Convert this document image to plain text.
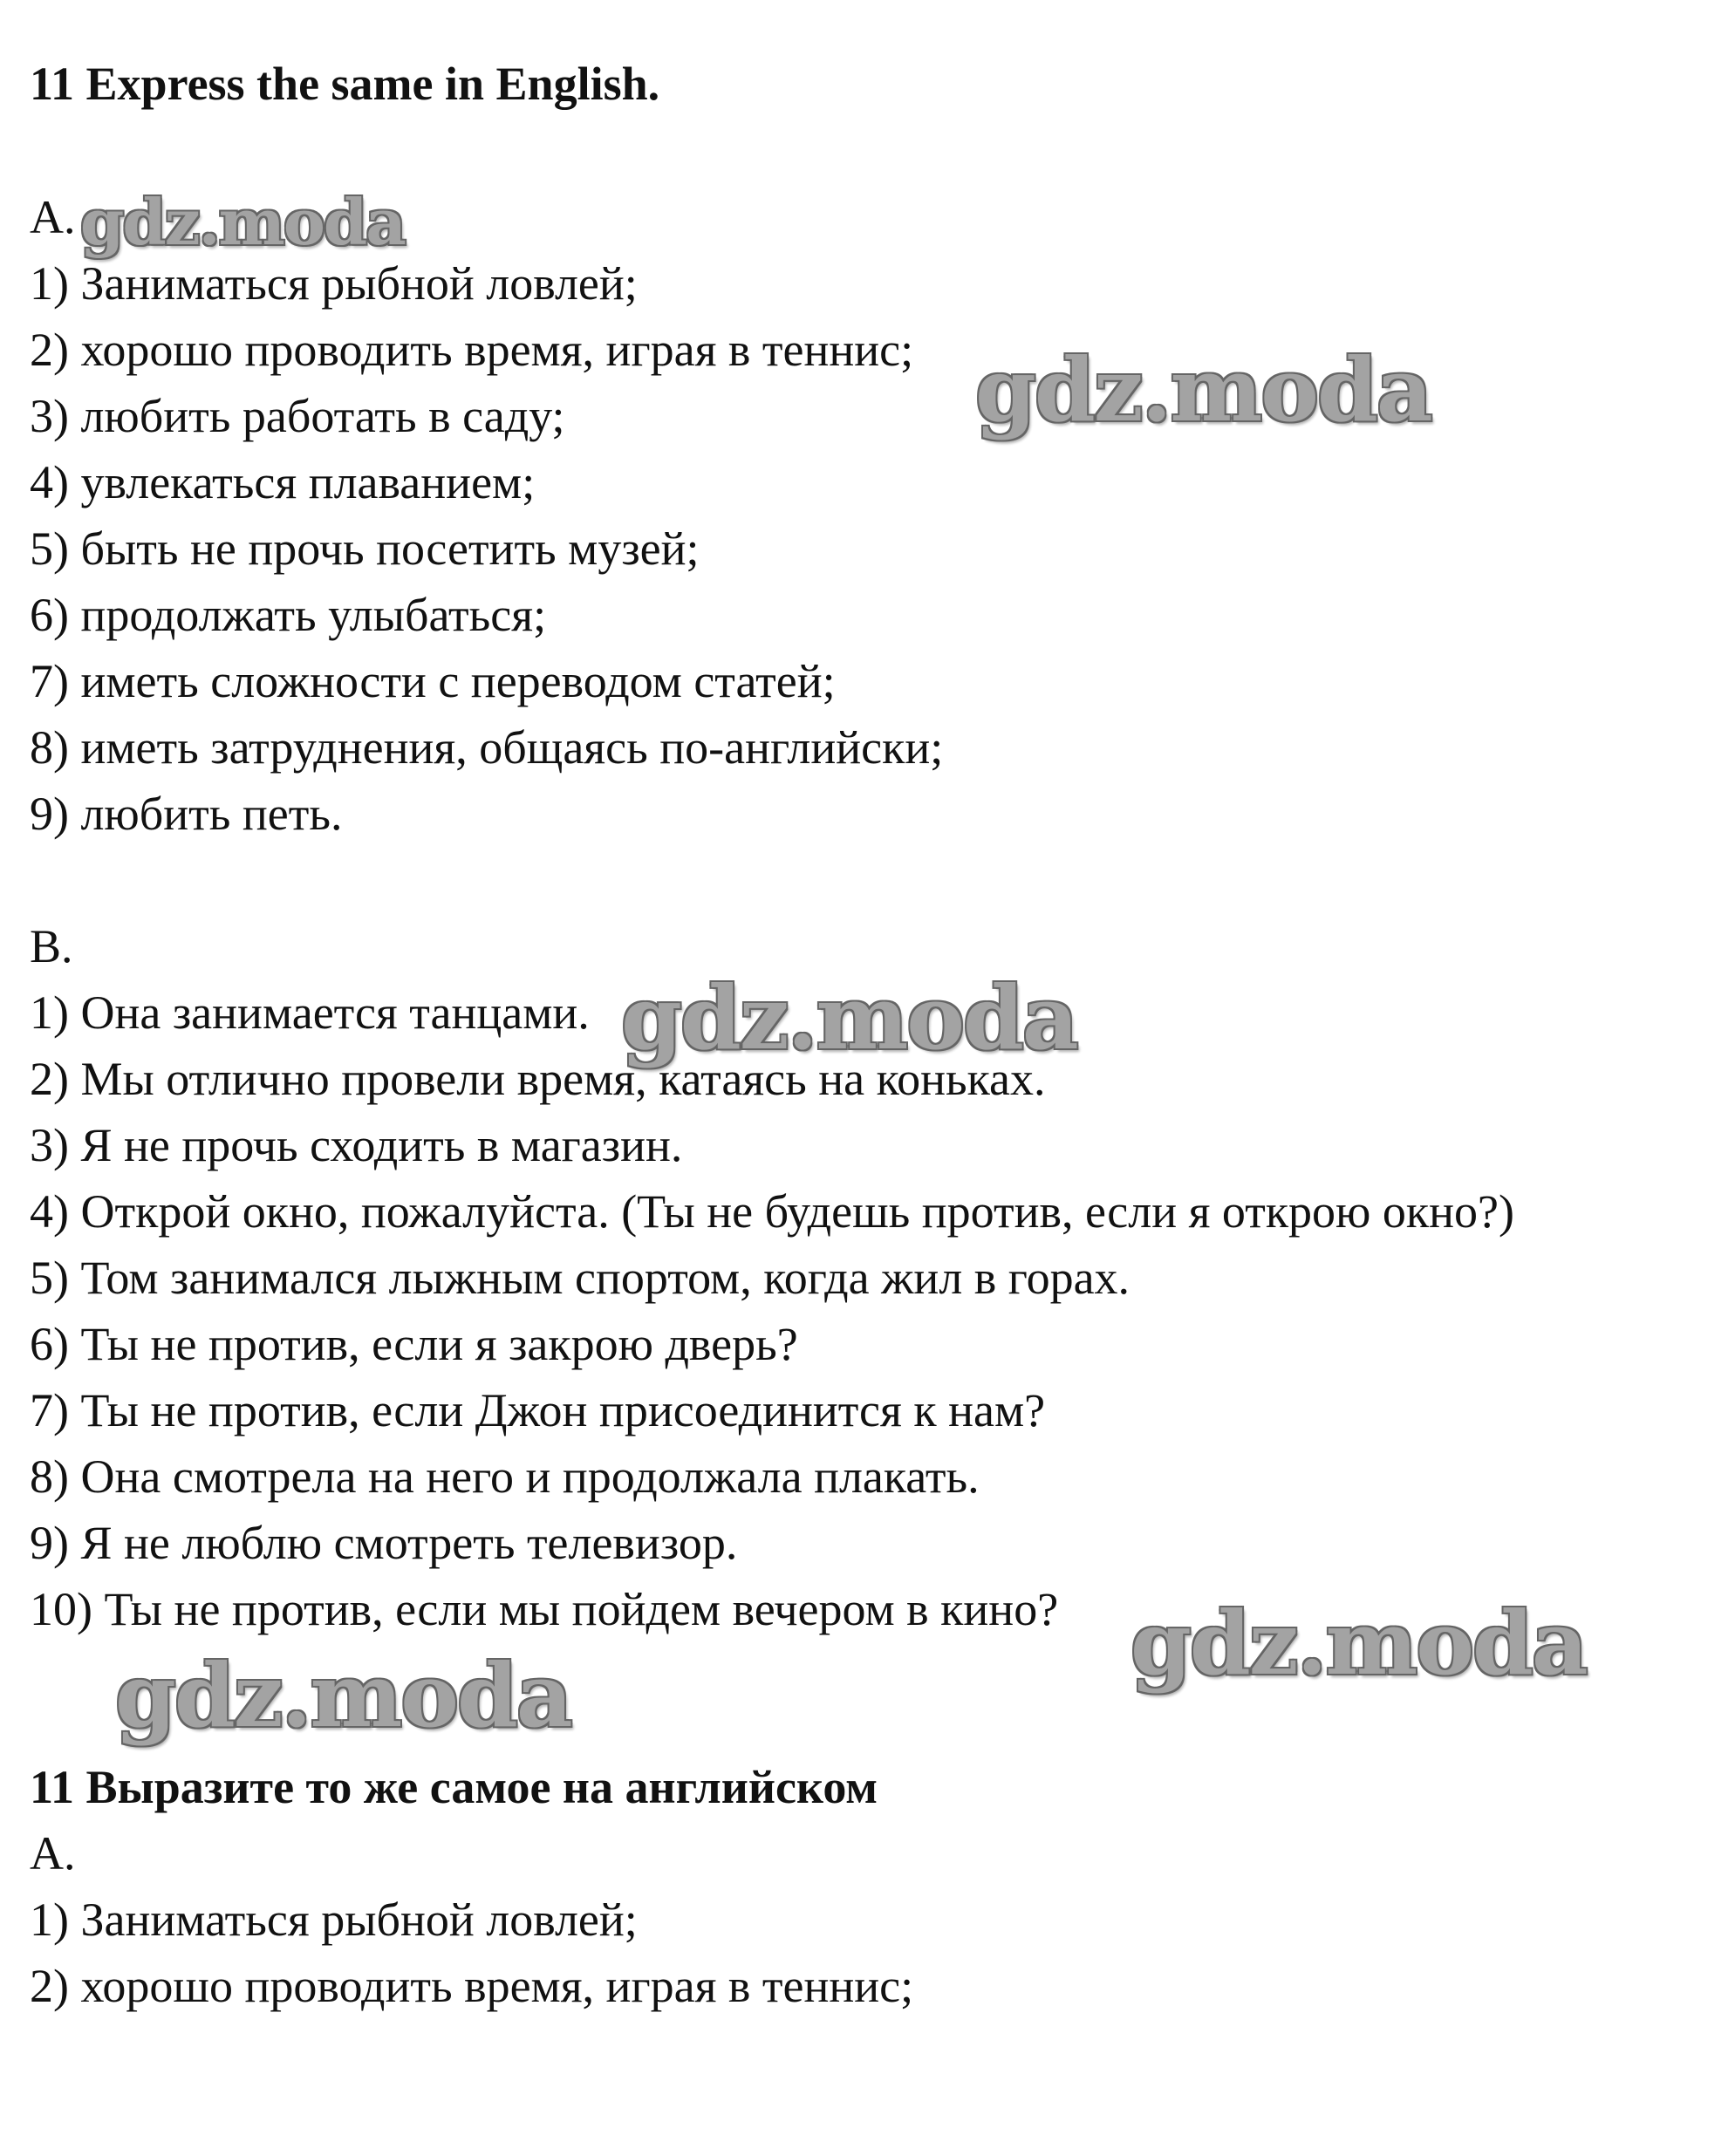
11 Express the same in English.
A.
1) Заниматься рыбной ловлей;
2) хорошо проводить время, играя в теннис;
3) любить работать в саду;
4) увлекаться плаванием;
5) быть не прочь посетить музей;
6) продолжать улыбаться;
7) иметь сложности с переводом статей;
8) иметь затруднения, общаясь по-английски;
9) любить петь.
B.
1) Она занимается танцами.
2) Мы отлично провели время, катаясь на коньках.
3) Я не прочь сходить в магазин.
4) Открой окно, пожалуйста. (Ты не будешь против, если я открою окно?)
5) Том занимался лыжным спортом, когда жил в горах.
6) Ты не против, если я закрою дверь?
7) Ты не против, если Джон присоединится к нам?
8) Она смотрела на него и продолжала плакать.
9) Я не люблю смотреть телевизор.
10) Ты не против, если мы пойдем вечером в кино?
11 Выразите то же самое на английском
А.
1) Заниматься рыбной ловлей;
2) хорошо проводить время, играя в теннис;
gdz.moda
gdz.moda
gdz.moda
gdz.moda
gdz.moda
